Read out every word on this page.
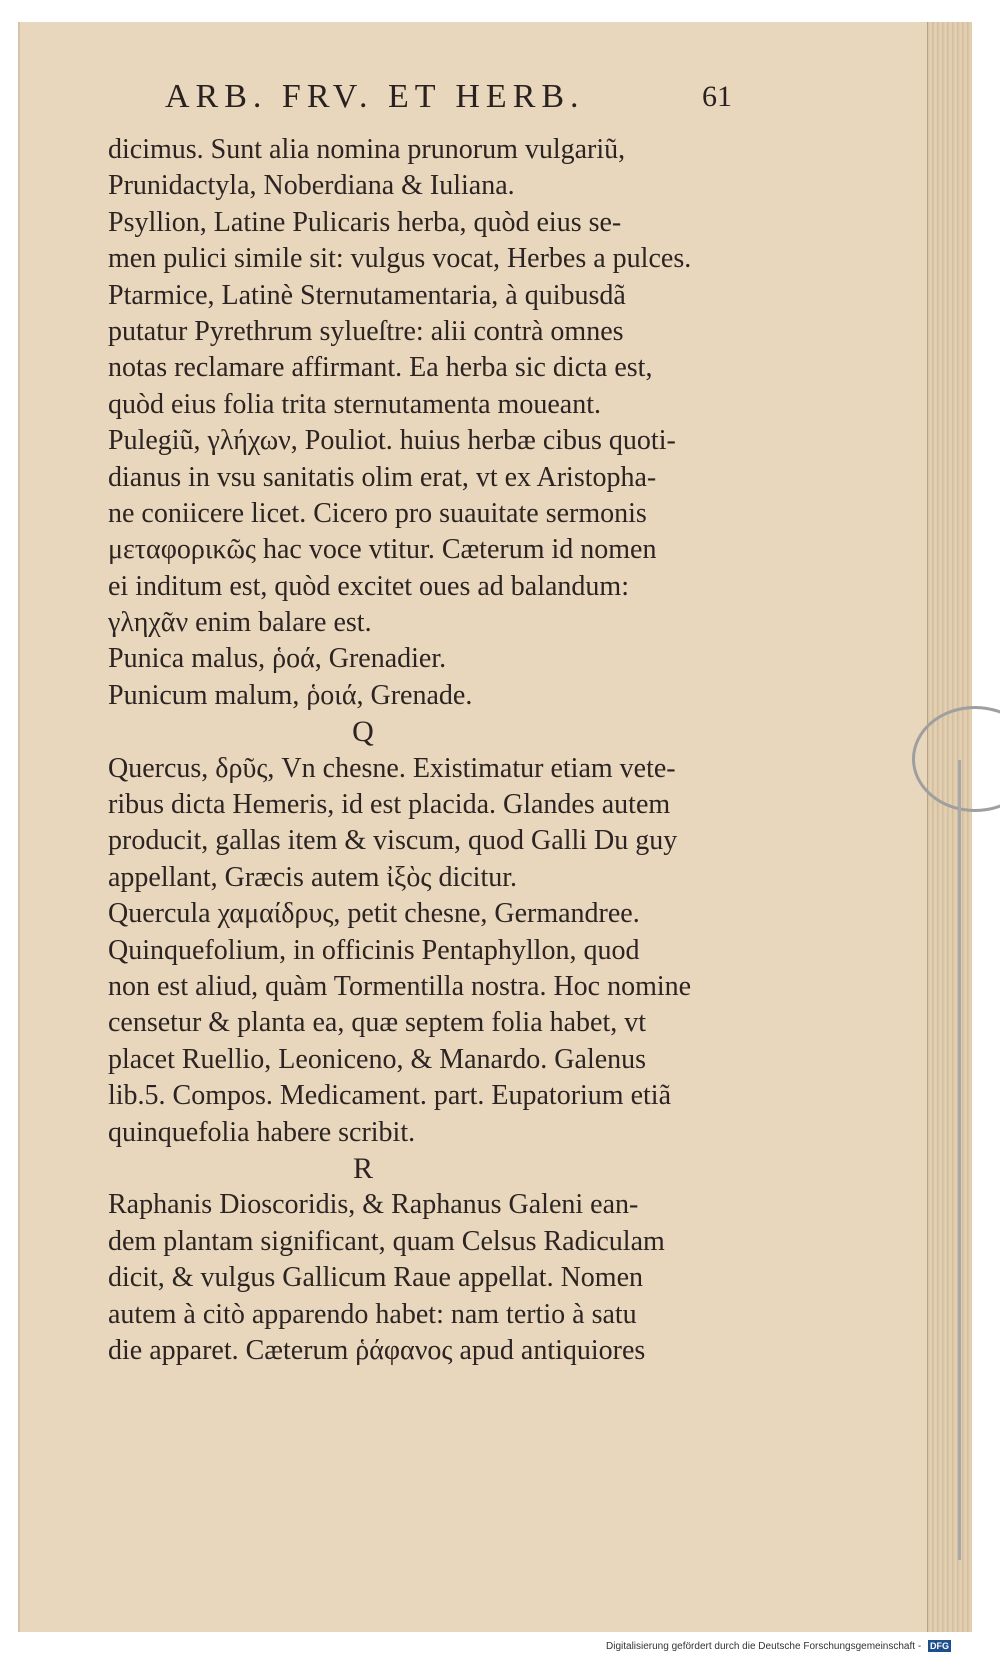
ARB. FRV. ET HERB.	61
dicimus. Sunt alia nomina prunorum vulgariũ,
Prunidactyla, Noberdiana & Iuliana.
Psyllion, Latine Pulicaris herba, quòd eius se-
men pulici simile sit: vulgus vocat, Herbes a pulces.
Ptarmice, Latinè Sternutamentaria, à quibusdã
putatur Pyrethrum sylueſtre: alii contrà omnes
notas reclamare affirmant. Ea herba sic dicta est,
quòd eius folia trita sternutamenta moueant.
Pulegiũ, γλήχων, Pouliot. huius herbæ cibus quoti-
dianus in vsu sanitatis olim erat, vt ex Aristopha-
ne coniicere licet. Cicero pro suauitate sermonis
μεταφορικῶς hac voce vtitur. Cæterum id nomen
ei inditum est, quòd excitet oues ad balandum:
γληχᾶν enim balare est.
Punica malus, ῥοά, Grenadier.
Punicum malum, ῥοιά, Grenade.
Q
Quercus, δρῦς, Vn chesne. Existimatur etiam vete-
ribus dicta Hemeris, id est placida. Glandes autem
producit, gallas item & viscum, quod Galli Du guy
appellant, Græcis autem ἰξὸς dicitur.
Quercula χαμαίδρυς, petit chesne, Germandree.
Quinquefolium, in officinis Pentaphyllon, quod
non est aliud, quàm Tormentilla nostra. Hoc nomine
censetur & planta ea, quæ septem folia habet, vt
placet Ruellio, Leoniceno, & Manardo. Galenus
lib.5. Compos. Medicament. part. Eupatorium etiã
quinquefolia habere scribit.
R
Raphanis Dioscoridis, & Raphanus Galeni ean-
dem plantam significant, quam Celsus Radiculam
dicit, & vulgus Gallicum Raue appellat. Nomen
autem à citò apparendo habet: nam tertio à satu
die apparet. Cæterum ῥάφανος apud antiquiores
Digitalisierung gefördert durch die Deutsche Forschungsgemeinschaft - DFG
